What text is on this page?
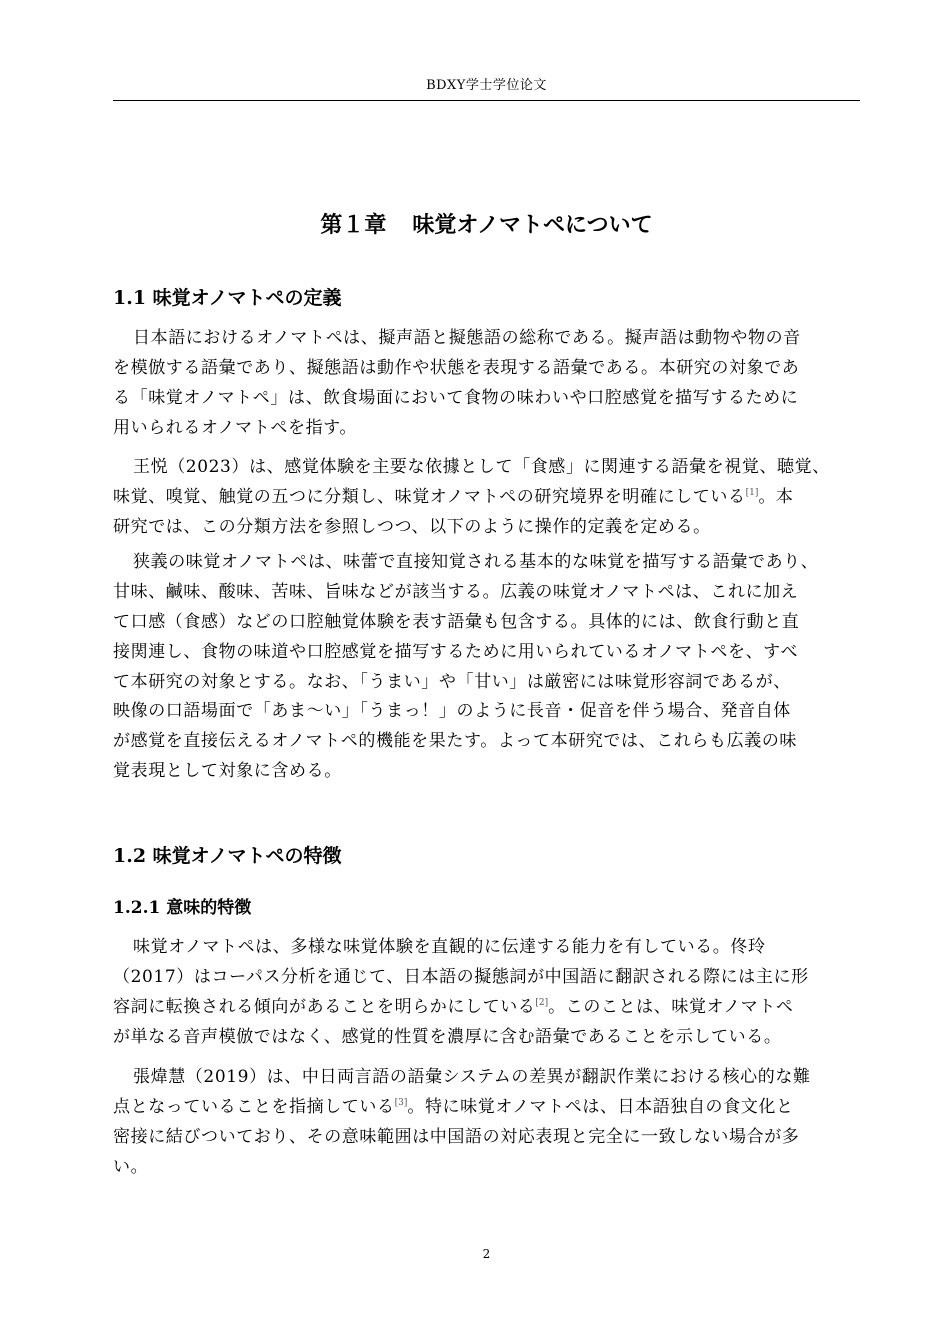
BDXY学士学位论文
第１章 味覚オノマトペについて
1.1 味覚オノマトペの定義
日本語におけるオノマトペは、擬声語と擬態語の総称である。擬声語は動物や物の音
を模倣する語彙であり、擬態語は動作や状態を表現する語彙である。本研究の対象であ
る「味覚オノマトペ」は、飲食場面において食物の味わいや口腔感覚を描写するために
用いられるオノマトペを指す。
王悦（2023）は、感覚体験を主要な依據として「食感」に関連する語彙を視覚、聴覚、
味覚、嗅覚、触覚の五つに分類し、味覚オノマトペの研究境界を明確にしている[1]。本
研究では、この分類方法を参照しつつ、以下のように操作的定義を定める。
狭義の味覚オノマトペは、味蕾で直接知覚される基本的な味覚を描写する語彙であり、
甘味、鹹味、酸味、苦味、旨味などが該当する。広義の味覚オノマトペは、これに加え
て口感（食感）などの口腔触覚体験を表す語彙も包含する。具体的には、飲食行動と直
接関連し、食物の味道や口腔感覚を描写するために用いられているオノマトペを、すべ
て本研究の対象とする。なお、「うまい」や「甘い」は厳密には味覚形容詞であるが、
映像の口語場面で「あま〜い」「うまっ！」のように長音・促音を伴う場合、発音自体
が感覚を直接伝えるオノマトペ的機能を果たす。よって本研究では、これらも広義の味
覚表現として対象に含める。
1.2 味覚オノマトペの特徴
1.2.1 意味的特徴
味覚オノマトペは、多様な味覚体験を直観的に伝達する能力を有している。佟玲
（2017）はコーパス分析を通じて、日本語の擬態詞が中国語に翻訳される際には主に形
容詞に転換される傾向があることを明らかにしている[2]。このことは、味覚オノマトペ
が単なる音声模倣ではなく、感覚的性質を濃厚に含む語彙であることを示している。
張煒慧（2019）は、中日両言語の語彙システムの差異が翻訳作業における核心的な難
点となっていることを指摘している[3]。特に味覚オノマトペは、日本語独自の食文化と
密接に結びついており、その意味範囲は中国語の対応表現と完全に一致しない場合が多
い。
2
